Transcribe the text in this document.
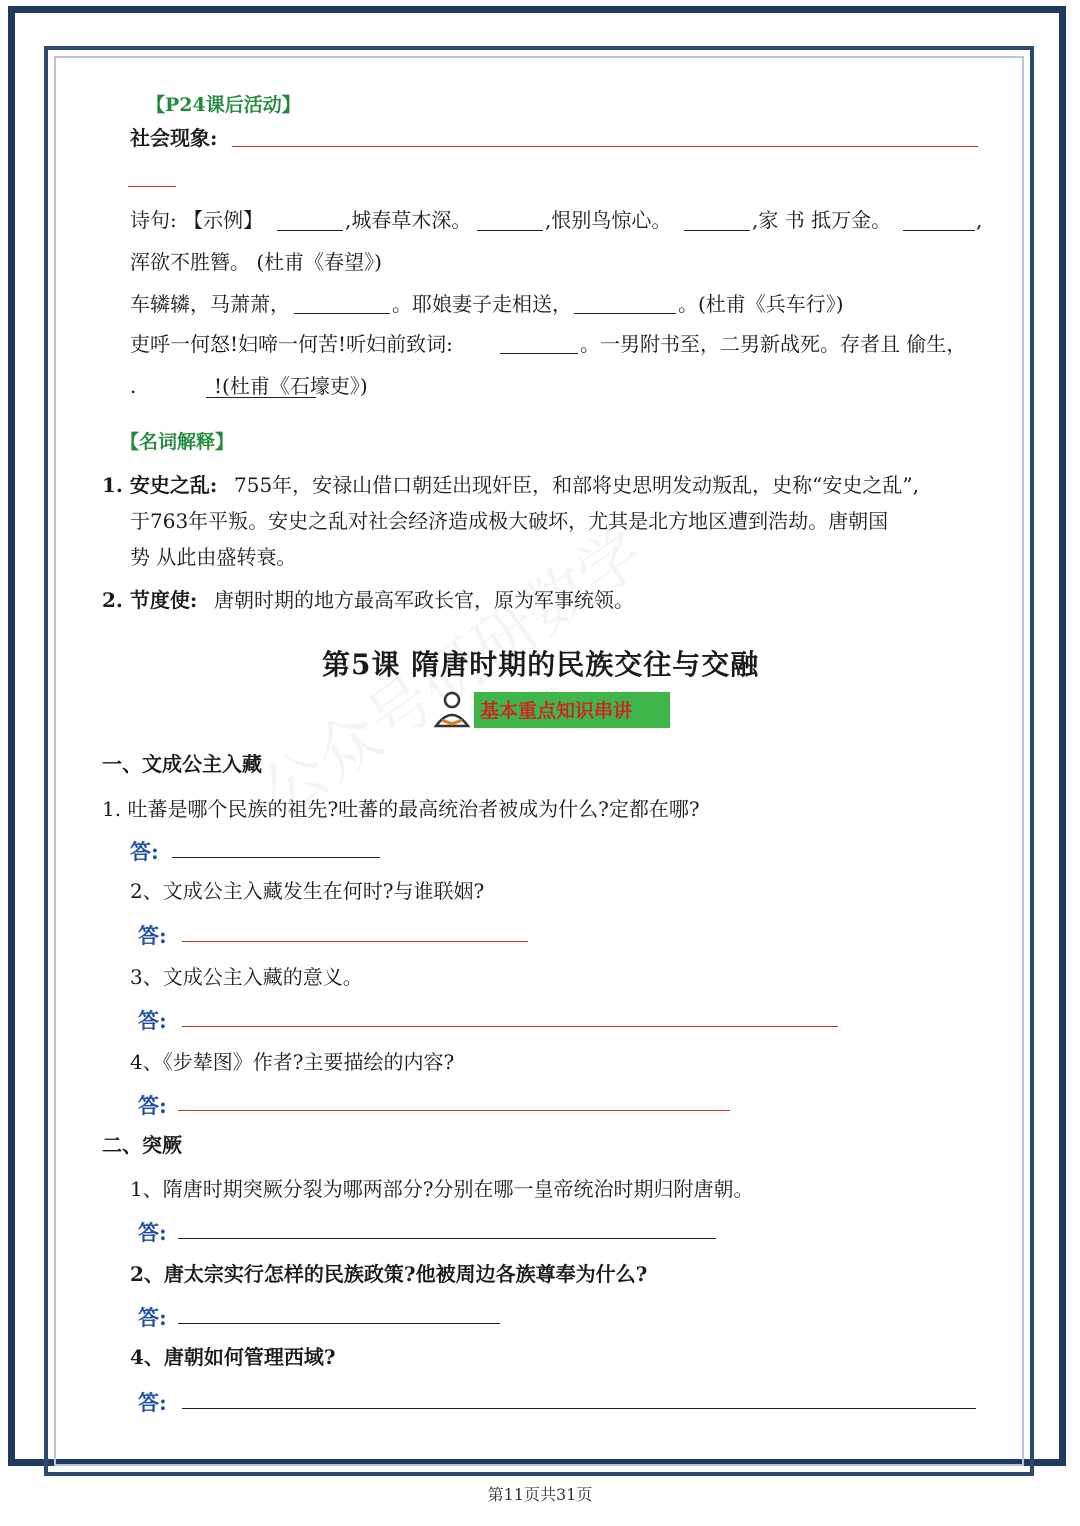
【P24课后活动】
社会现象:
诗句: 【示例】	,城春草木深。	,恨别鸟惊心。	,家 书 抵万金。	,
浑欲不胜簪。 (杜甫《春望》)
车辚辚，马萧萧，	。耶娘妻子走相送，	。(杜甫《兵车行》)
吏呼一何怒!妇啼一何苦!听妇前致词:	。一男附书至，二男新战死。存者且 偷生，
.	!(杜甫《石壕吏》)
【名词解释】
1. 安史之乱: 755年，安禄山借口朝廷出现奸臣，和部将史思明发动叛乱，史称“安史之乱”,
于763年平叛。安史之乱对社会经济造成极大破坏，尤其是北方地区遭到浩劫。唐朝国
势 从此由盛转衰。
2. 节度使: 唐朝时期的地方最高军政长官，原为军事统领。
第5课 隋唐时期的民族交往与交融
基本重点知识串讲
一、文成公主入藏
1. 吐蕃是哪个民族的祖先?吐蕃的最高统治者被成为什么?定都在哪?
答:
2、文成公主入藏发生在何时?与谁联姻?
答:
3、文成公主入藏的意义。
答:
4、《步辇图》作者?主要描绘的内容?
答:
二、突厥
1、隋唐时期突厥分裂为哪两部分?分别在哪一皇帝统治时期归附唐朝。
答:
2、唐太宗实行怎样的民族政策?他被周边各族尊奉为什么?
答:
4、唐朝如何管理西域?
答:
第11页共31页
